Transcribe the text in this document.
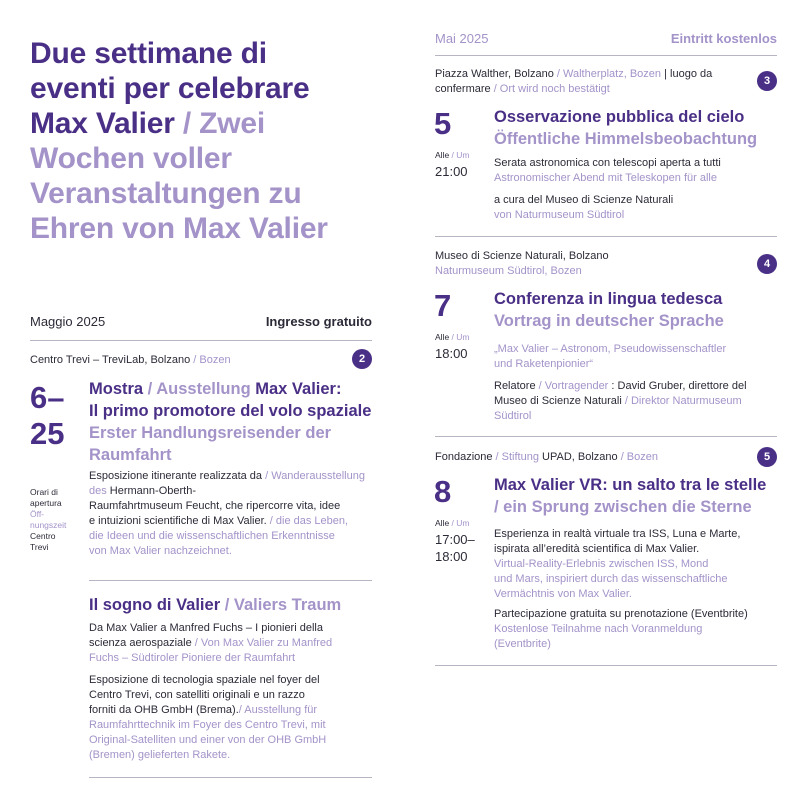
Due settimane di
eventi per celebrare
Max Valier / Zwei
Wochen voller
Veranstaltungen zu
Ehren von Max Valier
Maggio 2025	Ingresso gratuito
Centro Trevi – TreviLab, Bolzano / Bozen	2
6–
25
Orari di
apertura
Öff-
nungszeit
Centro
Trevi
Mostra / Ausstellung Max Valier:
Il primo promotore del volo spaziale
Erster Handlungsreisender der
Raumfahrt

Esposizione itinerante realizzata da / Wanderausstellung des Hermann-Oberth-
Raumfahrtmuseum Feucht, che ripercorre vita, idee
e intuizioni scientifiche di Max Valier. / die das Leben,
die Ideen und die wissenschaftlichen Erkenntnisse
von Max Valier nachzeichnet.

Il sogno di Valier / Valiers Traum

Da Max Valier a Manfred Fuchs – I pionieri della
scienza aerospaziale / Von Max Valier zu Manfred
Fuchs – Südtiroler Pioniere der Raumfahrt

Esposizione di tecnologia spaziale nel foyer del
Centro Trevi, con satelliti originali e un razzo
forniti da OHB GmbH (Brema)./ Ausstellung für
Raumfahrttechnik im Foyer des Centro Trevi, mit
Original-Satelliten und einer von der OHB GmbH
(Bremen) gelieferten Rakete.

Mai 2025	Eintritt kostenlos
Piazza Walther, Bolzano / Waltherplatz, Bozen | luogo da
confermare / Ort wird noch bestätigt
3
5
Alle / Um
21:00
Osservazione pubblica del cielo
Öffentliche Himmelsbeobachtung

Serata astronomica con telescopi aperta a tutti
Astronomischer Abend mit Teleskopen für alle

a cura del Museo di Scienze Naturali
von Naturmuseum Südtirol

Museo di Scienze Naturali, Bolzano
Naturmuseum Südtirol, Bozen
4
7
Alle / Um
18:00
Conferenza in lingua tedesca
Vortrag in deutscher Sprache

„Max Valier – Astronom, Pseudowissenschaftler
und Raketenpionier“

Relatore / Vortragender : David Gruber, direttore del
Museo di Scienze Naturali / Direktor Naturmuseum
Südtirol

Fondazione / Stiftung UPAD, Bolzano / Bozen	5
8
Alle / Um
17:00–
18:00
Max Valier VR: un salto tra le stelle
/ ein Sprung zwischen die Sterne

Esperienza in realtà virtuale tra ISS, Luna e Marte,
ispirata all’eredità scientifica di Max Valier.
Virtual-Reality-Erlebnis zwischen ISS, Mond
und Mars, inspiriert durch das wissenschaftliche
Vermächtnis von Max Valier.

Partecipazione gratuita su prenotazione (Eventbrite)
Kostenlose Teilnahme nach Voranmeldung
(Eventbrite)
